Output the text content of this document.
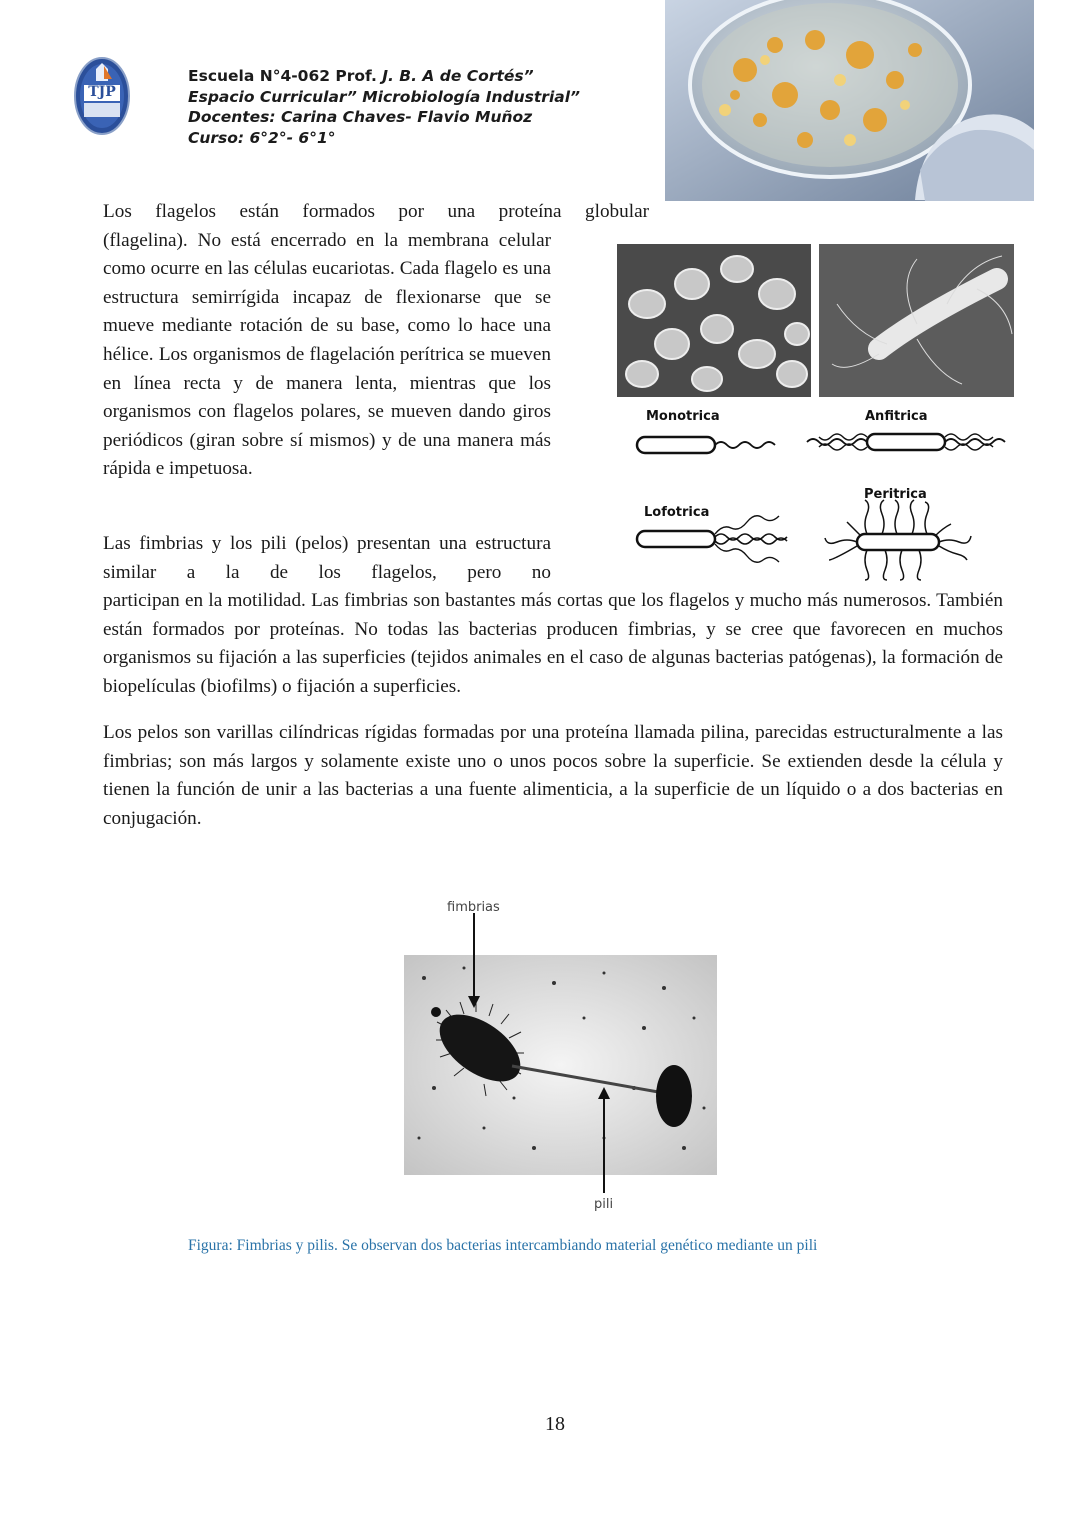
TJP
Escuela N°4-062 Prof. J. B. A de Cortés”
Espacio Curricular” Microbiología Industrial”
Docentes: Carina Chaves- Flavio Muñoz
Curso: 6°2°- 6°1°
Los flagelos están formados por una proteína globular
(flagelina). No está encerrado en la membrana celular como ocurre en las células eucariotas. Cada flagelo es una estructura semirrígida incapaz de flexionarse que se mueve mediante rotación de su base, como lo hace una hélice. Los organismos de flagelación perítrica se mueven en línea recta y de manera lenta, mientras que los organismos con flagelos polares, se mueven dando giros periódicos (giran sobre sí mismos) y de una manera más rápida e impetuosa.
Monotrica	Anfitrica
Lofotrica
Peritrica
Las fimbrias y los pili (pelos) presentan una estructura similar a la de los flagelos, pero no
participan en la motilidad. Las fimbrias son bastantes más cortas que los flagelos y mucho más numerosos. También están formados por proteínas. No todas las bacterias producen fimbrias, y se cree que favorecen en muchos organismos su fijación a las superficies (tejidos animales en el caso de algunas bacterias patógenas), la formación de biopelículas (biofilms) o fijación a superficies.
Los pelos son varillas cilíndricas rígidas formadas por una proteína llamada pilina, parecidas estructuralmente a las fimbrias; son más largos y solamente existe uno o unos pocos sobre la superficie. Se extienden desde la célula y tienen la función de unir a las bacterias a una fuente alimenticia, a la superficie de un líquido o a dos bacterias en conjugación.
fimbrias
pili
Figura: Fimbrias y pilis. Se observan dos bacterias intercambiando material genético mediante un pili
18
